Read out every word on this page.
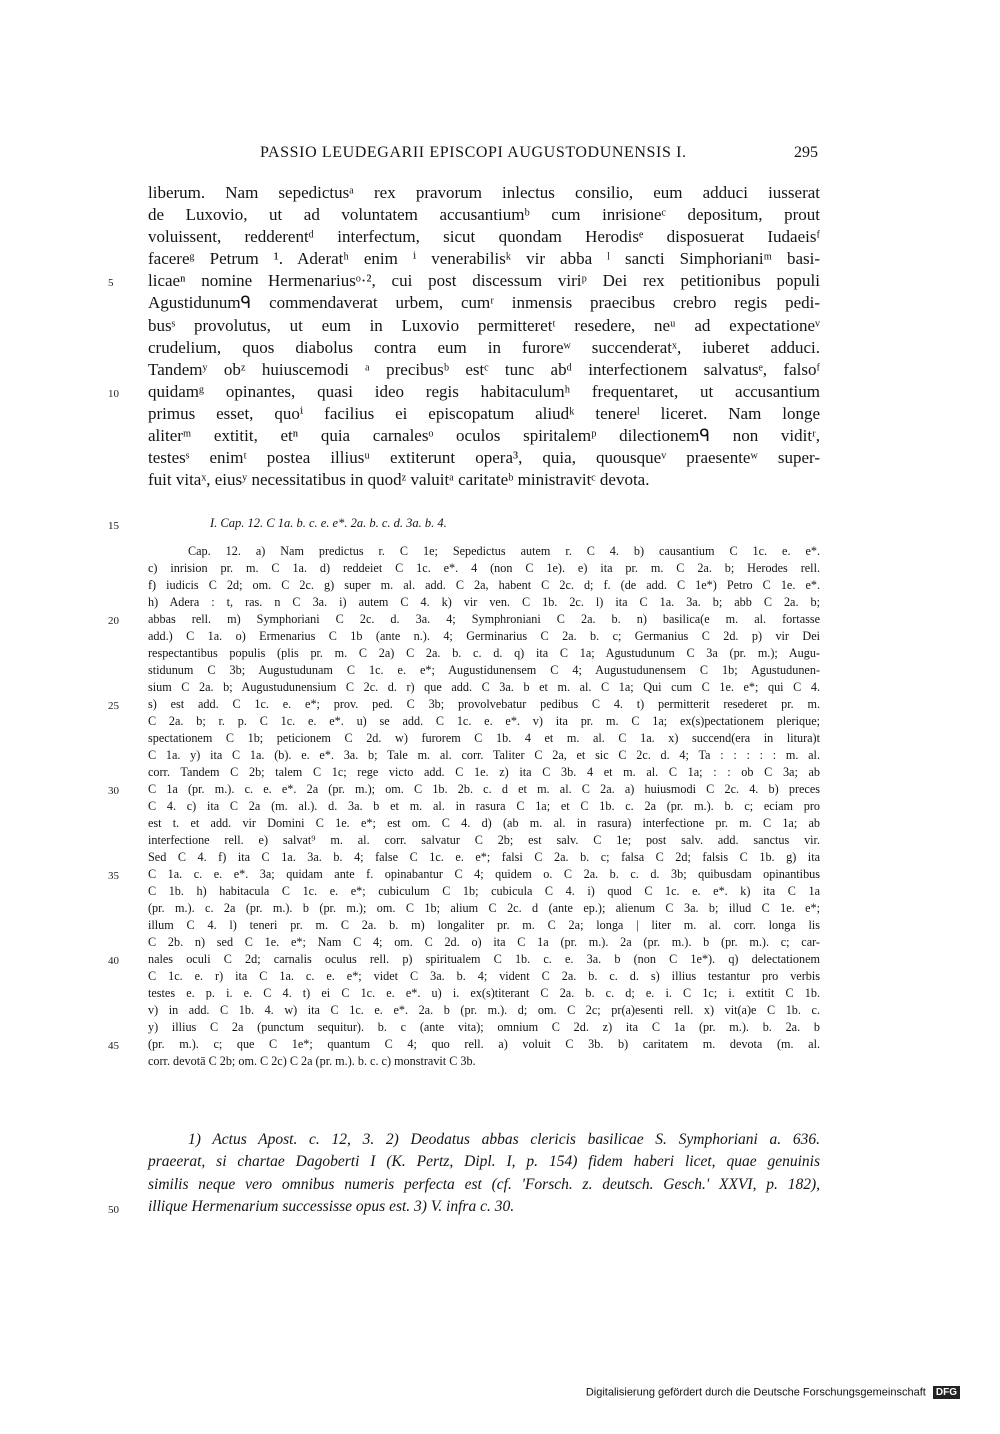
PASSIO LEUDEGARII EPISCOPI AUGUSTODUNENSIS I.	295
liberum. Nam sepedictusᵃ rex pravorum inlectus consilio, eum adduci iusserat
de Luxovio, ut ad voluntatem accusantiumᵇ cum inrisioneᶜ depositum, prout
voluissent, redderentᵈ interfectum, sicut quondam Herodisᵉ disposuerat Iudaeisᶠ
facereᵍ Petrum ¹. Aderatʰ enim ⁱ venerabilisᵏ vir abba ˡ sancti Simphorianiᵐ basi-
5	licaeⁿ nomine Hermenariusᵒ·², cui post discessum viriᵖ Dei rex petitionibus populi
Agustidunumᑫ commendaverat urbem, cumʳ inmensis praecibus crebro regis pedi-
busˢ provolutus, ut eum in Luxovio permitteretᵗ resedere, neᵘ ad expectationeᵛ
crudelium, quos diabolus contra eum in furoreʷ succenderatˣ, iuberet adduci.
Tandemʸ obᶻ huiuscemodi ᵃ precibusᵇ estᶜ tunc abᵈ interfectionem salvatusᵉ, falsoᶠ
10	quidamᵍ opinantes, quasi ideo regis habitaculumʰ frequentaret, ut accusantium
primus esset, quoⁱ facilius ei episcopatum aliudᵏ tenereˡ liceret. Nam longe
aliterᵐ extitit, etⁿ quia carnalesᵒ oculos spiritalemᵖ dilectionemᑫ non viditʳ,
testesˢ enimᵗ postea illiusᵘ extiterunt opera³, quia, quousqueᵛ praesenteʷ super-
fuit vitaˣ, eiusʸ necessitatibus in quodᶻ valuitᵃ caritateᵇ ministravitᶜ devota.
15	I. Cap. 12. C 1a. b. c. e. e*. 2a. b. c. d. 3a. b. 4.
Cap. 12. a) Nam predictus r. C 1e; Sepedictus autem r. C 4. b) causantium C 1c. e. e*.
c) inrision pr. m. C 1a. d) reddeiet C 1c. e*. 4 (non C 1e). e) ita pr. m. C 2a. b; Herodes rell.
f) iudicis C 2d; om. C 2c. g) super m. al. add. C 2a, habent C 2c. d; f. (de add. C 1e*) Petro C 1e. e*.
h) Adera : t, ras. n C 3a. i) autem C 4. k) vir ven. C 1b. 2c. l) ita C 1a. 3a. b; abb C 2a. b;
20	abbas rell. m) Symphoriani C 2c. d. 3a. 4; Symphroniani C 2a. b. n) basilica(e m. al. fortasse
add.) C 1a. o) Ermenarius C 1b (ante n.). 4; Germinarius C 2a. b. c; Germanius C 2d. p) vir Dei
respectantibus populis (plis pr. m. C 2a) C 2a. b. c. d. q) ita C 1a; Agustudunum C 3a (pr. m.); Augu-
stidunum C 3b; Augustudunam C 1c. e. e*; Augustidunensem C 4; Augustudunensem C 1b; Agustudunen-
sium C 2a. b; Augustudunensium C 2c. d. r) que add. C 3a. b et m. al. C 1a; Qui cum C 1e. e*; qui C 4.
25	s) est add. C 1c. e. e*; prov. ped. C 3b; provolvebatur pedibus C 4. t) permitterit resederet pr. m.
C 2a. b; r. p. C 1c. e. e*. u) se add. C 1c. e. e*. v) ita pr. m. C 1a; ex(s)pectationem plerique;
spectationem C 1b; peticionem C 2d. w) furorem C 1b. 4 et m. al. C 1a. x) succend(era in litura)t
C 1a. y) ita C 1a. (b). e. e*. 3a. b; Tale m. al. corr. Taliter C 2a, et sic C 2c. d. 4; Ta : : : : : m. al.
corr. Tandem C 2b; talem C 1c; rege victo add. C 1e. z) ita C 3b. 4 et m. al. C 1a; : : ob C 3a; ab
30	C 1a (pr. m.). c. e. e*. 2a (pr. m.); om. C 1b. 2b. c. d et m. al. C 2a. a) huiusmodi C 2c. 4. b) preces
C 4. c) ita C 2a (m. al.). d. 3a. b et m. al. in rasura C 1a; et C 1b. c. 2a (pr. m.). b. c; eciam pro
est t. et add. vir Domini C 1e. e*; est om. C 4. d) (ab m. al. in rasura) interfectione pr. m. C 1a; ab
interfectione rell. e) salvat⁹ m. al. corr. salvatur C 2b; est salv. C 1e; post salv. add. sanctus vir.
Sed C 4. f) ita C 1a. 3a. b. 4; false C 1c. e. e*; falsi C 2a. b. c; falsa C 2d; falsis C 1b. g) ita
35	C 1a. c. e. e*. 3a; quidam ante f. opinabantur C 4; quidem o. C 2a. b. c. d. 3b; quibusdam opinantibus
C 1b. h) habitacula C 1c. e. e*; cubiculum C 1b; cubicula C 4. i) quod C 1c. e. e*. k) ita C 1a
(pr. m.). c. 2a (pr. m.). b (pr. m.); om. C 1b; alium C 2c. d (ante ep.); alienum C 3a. b; illud C 1e. e*;
illum C 4. l) teneri pr. m. C 2a. b. m) longaliter pr. m. C 2a; longa | liter m. al. corr. longa lis
C 2b. n) sed C 1e. e*; Nam C 4; om. C 2d. o) ita C 1a (pr. m.). 2a (pr. m.). b (pr. m.). c; car-
40	nales oculi C 2d; carnalis oculus rell. p) spiritualem C 1b. c. e. 3a. b (non C 1e*). q) delectationem
C 1c. e. r) ita C 1a. c. e. e*; videt C 3a. b. 4; vident C 2a. b. c. d. s) illius testantur pro verbis
testes e. p. i. e. C 4. t) ei C 1c. e. e*. u) i. ex(s)titerant C 2a. b. c. d; e. i. C 1c; i. extitit C 1b.
v) in add. C 1b. 4. w) ita C 1c. e. e*. 2a. b (pr. m.). d; om. C 2c; pr(a)esenti rell. x) vit(a)e C 1b. c.
y) illius C 2a (punctum sequitur). b. c (ante vita); omnium C 2d. z) ita C 1a (pr. m.). b. 2a. b
45	(pr. m.). c; que C 1e*; quantum C 4; quo rell. a) voluit C 3b. b) caritatem m. devota (m. al.
corr. devotā C 2b; om. C 2c) C 2a (pr. m.). b. c. c) monstravit C 3b.
1) Actus Apost. c. 12, 3. 2) Deodatus abbas clericis basilicae S. Symphoriani a. 636.
praeerat, si chartae Dagoberti I (K. Pertz, Dipl. I, p. 154) fidem haberi licet, quae genuinis
similis neque vero omnibus numeris perfecta est (cf. 'Forsch. z. deutsch. Gesch.' XXVI, p. 182),
50	illique Hermenarium successisse opus est. 3) V. infra c. 30.
Digitalisierung gefördert durch die Deutsche Forschungsgemeinschaft DFG
